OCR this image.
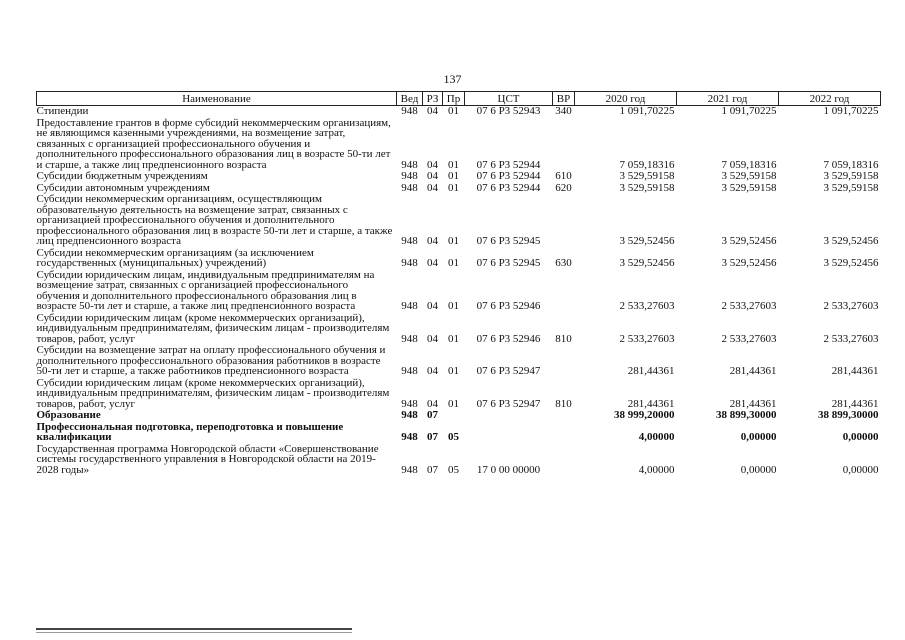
137
Наименование	Вед	РЗ	Пр	ЦСТ	ВР	2020 год	2021 год	2022 год
Стипендии	948	04	01	07 6 Р3 52943	340	1 091,70225	1 091,70225	1 091,70225
Предоставление грантов в форме субсидий некоммерческим организациям, не являющимся казенными учреждениями, на возмещение затрат, связанных с организацией профессионального обучения и дополнительного профессионального образования лиц в возрасте 50-ти лет и старше, а также лиц предпенсионного возраста	948	04	01	07 6 Р3 52944		7 059,18316	7 059,18316	7 059,18316
Субсидии бюджетным учреждениям	948	04	01	07 6 Р3 52944	610	3 529,59158	3 529,59158	3 529,59158
Субсидии автономным учреждениям	948	04	01	07 6 Р3 52944	620	3 529,59158	3 529,59158	3 529,59158
Субсидии некоммерческим организациям, осуществляющим образовательную деятельность на возмещение затрат, связанных с организацией профессионального обучения и дополнительного профессионального образования лиц в возрасте 50-ти лет и старше, а также лиц предпенсионного возраста	948	04	01	07 6 Р3 52945		3 529,52456	3 529,52456	3 529,52456
Субсидии некоммерческим организациям (за исключением государственных (муниципальных) учреждений)	948	04	01	07 6 Р3 52945	630	3 529,52456	3 529,52456	3 529,52456
Субсидии юридическим лицам, индивидуальным предпринимателям на возмещение затрат, связанных с организацией профессионального обучения и дополнительного профессионального образования лиц в возрасте 50-ти лет и старше, а также лиц предпенсионного возраста	948	04	01	07 6 Р3 52946		2 533,27603	2 533,27603	2 533,27603
Субсидии юридическим лицам (кроме некоммерческих организаций), индивидуальным предпринимателям, физическим лицам - производителям товаров, работ, услуг	948	04	01	07 6 Р3 52946	810	2 533,27603	2 533,27603	2 533,27603
Субсидии на возмещение затрат на оплату профессионального обучения и дополнительного профессионального образования работников в возрасте 50-ти лет и старше, а также работников предпенсионного возраста	948	04	01	07 6 Р3 52947		281,44361	281,44361	281,44361
Субсидии юридическим лицам (кроме некоммерческих организаций), индивидуальным предпринимателям, физическим лицам - производителям товаров, работ, услуг	948	04	01	07 6 Р3 52947	810	281,44361	281,44361	281,44361
Образование	948	07				38 999,20000	38 899,30000	38 899,30000
Профессиональная подготовка, переподготовка и повышение квалификации	948	07	05			4,00000	0,00000	0,00000
Государственная программа Новгородской области «Совершенствование системы государственного управления в Новгородской области на 2019-2028 годы»	948	07	05	17 0 00 00000		4,00000	0,00000	0,00000
